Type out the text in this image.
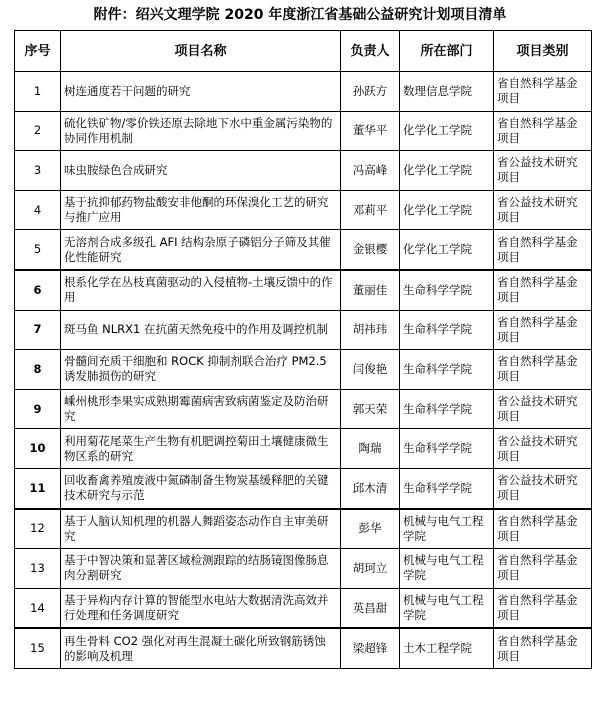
附件：绍兴文理学院 2020 年度浙江省基础公益研究计划项目清单
序号	项目名称	负责人	所在部门	项目类别
1	树连通度若干问题的研究	孙跃方	数理信息学院	省自然科学基金项目
2	硫化铁矿物/零价铁还原去除地下水中重金属污染物的协同作用机制	董华平	化学化工学院	省自然科学基金项目
3	味虫胺绿色合成研究	冯高峰	化学化工学院	省公益技术研究项目
4	基于抗抑郁药物盐酸安非他酮的环保溴化工艺的研究与推广应用	邓莉平	化学化工学院	省公益技术研究项目
5	无溶剂合成多级孔 AFI 结构杂原子磷铝分子筛及其催化性能研究	金银樱	化学化工学院	省自然科学基金项目
6	根系化学在丛枝真菌驱动的入侵植物-土壤反馈中的作用	董丽佳	生命科学学院	省自然科学基金项目
7	斑马鱼 NLRX1 在抗菌天然免疫中的作用及调控机制	胡祎玮	生命科学学院	省自然科学基金项目
8	骨髓间充质干细胞和 ROCK 抑制剂联合治疗 PM2.5 诱发肺损伤的研究	闫俊艳	生命科学学院	省自然科学基金项目
9	嵊州桃形李果实成熟期霉菌病害致病菌鉴定及防治研究	郭天荣	生命科学学院	省公益技术研究项目
10	利用菊花尾菜生产生物有机肥调控菊田土壤健康微生物区系的研究	陶瑞	生命科学学院	省公益技术研究项目
11	回收畜禽养殖废液中氮磷制备生物炭基缓释肥的关键技术研究与示范	邱木清	生命科学学院	省公益技术研究项目
12	基于人脑认知机理的机器人舞蹈姿态动作自主审美研究	彭华	机械与电气工程学院	省自然科学基金项目
13	基于中智决策和显著区域检测跟踪的结肠镜图像肠息肉分割研究	胡珂立	机械与电气工程学院	省自然科学基金项目
14	基于异构内存计算的智能型水电站大数据清洗高效并行处理和任务调度研究	英昌甜	机械与电气工程学院	省自然科学基金项目
15	再生骨料 CO2 强化对再生混凝土碳化所致钢筋锈蚀的影响及机理	梁超锋	土木工程学院	省自然科学基金项目
